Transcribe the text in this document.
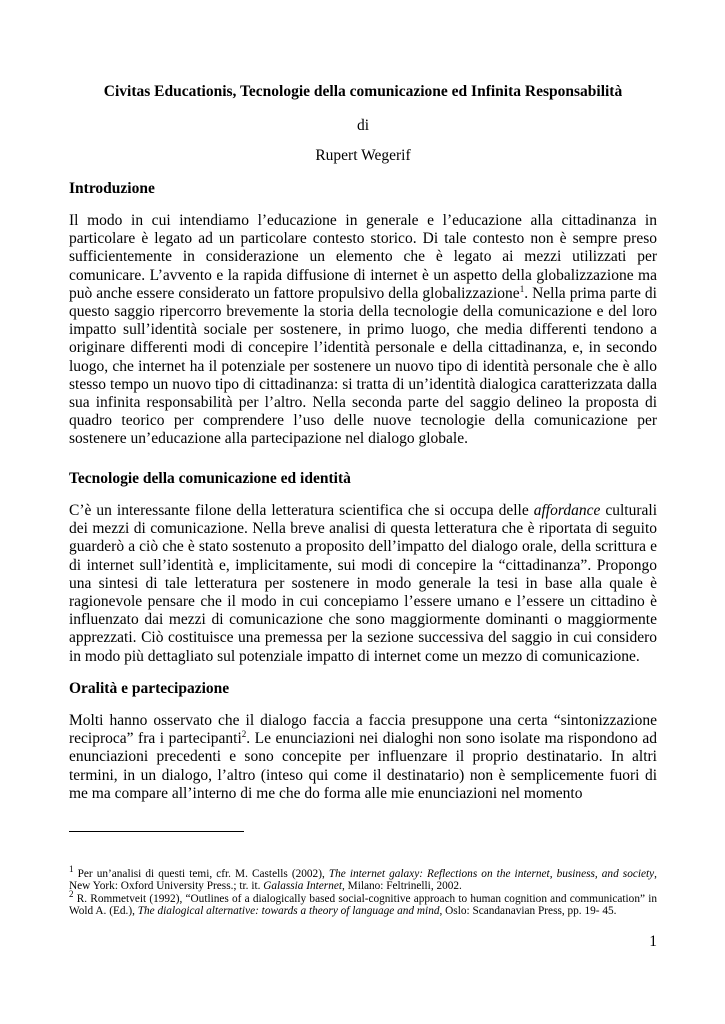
Civitas Educationis, Tecnologie della comunicazione ed Infinita Responsabilità
di
Rupert Wegerif
Introduzione
Il modo in cui intendiamo l’educazione in generale e l’educazione alla cittadinanza in particolare è legato ad un particolare contesto storico. Di tale contesto non è sempre preso sufficientemente in considerazione un elemento che è legato ai mezzi utilizzati per comunicare. L’avvento e la rapida diffusione di internet è un aspetto della globalizzazione ma può anche essere considerato un fattore propulsivo della globalizzazione$^1$. Nella prima parte di questo saggio ripercorro brevemente la storia della tecnologie della comunicazione e del loro impatto sull’identità sociale per sostenere, in primo luogo, che media differenti tendono a originare differenti modi di concepire l’identità personale e della cittadinanza, e, in secondo luogo, che internet ha il potenziale per sostenere un nuovo tipo di identità personale che è allo stesso tempo un nuovo tipo di cittadinanza: si tratta di un’identità dialogica caratterizzata dalla sua infinita responsabilità per l’altro. Nella seconda parte del saggio delineo la proposta di quadro teorico per comprendere l’uso delle nuove tecnologie della comunicazione per sostenere un’educazione alla partecipazione nel dialogo globale.
Tecnologie della comunicazione ed identità
C’è un interessante filone della letteratura scientifica che si occupa delle affordance culturali dei mezzi di comunicazione. Nella breve analisi di questa letteratura che è riportata di seguito guarderò a ciò che è stato sostenuto a proposito dell’impatto del dialogo orale, della scrittura e di internet sull’identità e, implicitamente, sui modi di concepire la “cittadinanza”. Propongo una sintesi di tale letteratura per sostenere in modo generale la tesi in base alla quale è ragionevole pensare che il modo in cui concepiamo l’essere umano e l’essere un cittadino è influenzato dai mezzi di comunicazione che sono maggiormente dominanti o maggiormente apprezzati. Ciò costituisce una premessa per la sezione successiva del saggio in cui considero in modo più dettagliato sul potenziale impatto di internet come un mezzo di comunicazione.
Oralità e partecipazione
Molti hanno osservato che il dialogo faccia a faccia presuppone una certa “sintonizzazione reciproca” fra i partecipanti$^2$. Le enunciazioni nei dialoghi non sono isolate ma rispondono ad enunciazioni precedenti e sono concepite per influenzare il proprio destinatario. In altri termini, in un dialogo, l’altro (inteso qui come il destinatario) non è semplicemente fuori di me ma compare all’interno di me che do forma alle mie enunciazioni nel momento
$^1$ Per un’analisi di questi temi, cfr. M. Castells (2002), The internet galaxy: Reflections on the internet, business, and society, New York: Oxford University Press.; tr. it. Galassia Internet, Milano: Feltrinelli, 2002.
$^2$ R. Rommetveit (1992), “Outlines of a dialogically based social-cognitive approach to human cognition and communication” in Wold A. (Ed.), The dialogical alternative: towards a theory of language and mind, Oslo: Scandanavian Press, pp. 19- 45.
1
